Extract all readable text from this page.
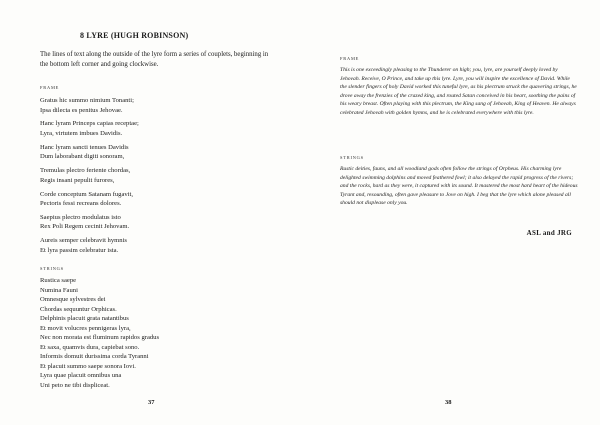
8 LYRE (HUGH ROBINSON)
The lines of text along the outside of the lyre form a series of couplets, beginning in the bottom left corner and going clockwise.
FRAME
Gratus hic summo nimium Tonanti;
Ipsa dilecta es penitus Jehovae.
Hanc lyram Princeps capias receptae;
Lyra, virtutem imbues Davidis.
Hanc lyram sancti tenues Davidis
Dum laborabant digiti sonoram,
Tremulas plectro feriente chordas,
Regis insani pepulit furores,
Corde conceptum Satanam fugavit,
Pectoris fessi recreans dolores.
Saepius plectro modulatus isto
Rex Poli Regem cecinit Jehovam.
Aureis semper celebravit hymnis
Et lyra passim celebratur ista.
STRINGS
Rustica saepe
Numina Fauni
Omnesque sylvestres dei
Chordas sequuntur Orphicas.
Delphinis placuit grata natantibus
Et movit volucres pennigeras lyra,
Nec non morata est fluminum rapidos gradus
Et saxa, quamvis dura, capiebat sono.
Informis domuit durissima corda Tyranni
Et placuit summo saepe sonora Iovi.
Lyra quae placuit omnibus una
Uni peto ne tibi displiceat.
37
FRAME
This is one exceedingly pleasing to the Thunderer on high; you, lyre, are yourself deeply loved by Jehovah. Receive, O Prince, and take up this lyre. Lyre, you will inspire the excellence of David. While the slender fingers of holy David worked this tuneful lyre, as his plectrum struck the quavering strings, he drove away the frenzies of the crazed king, and routed Satan conceived in his heart, soothing the pains of his weary breast. Often playing with this plectrum, the King sang of Jehovah, King of Heaven. He always celebrated Jehovah with golden hymns, and he is celebrated everywhere with this lyre.
STRINGS
Rustic deities, fauns, and all woodland gods often follow the strings of Orpheus. His charming lyre delighted swimming dolphins and moved feathered fowl; it also delayed the rapid progress of the rivers; and the rocks, hard as they were, it captured with its sound. It mastered the most hard heart of the hideous Tyrant and, resounding, often gave pleasure to Jove on high. I beg that the lyre which alone pleased all should not displease only you.
ASL and JRG
38
